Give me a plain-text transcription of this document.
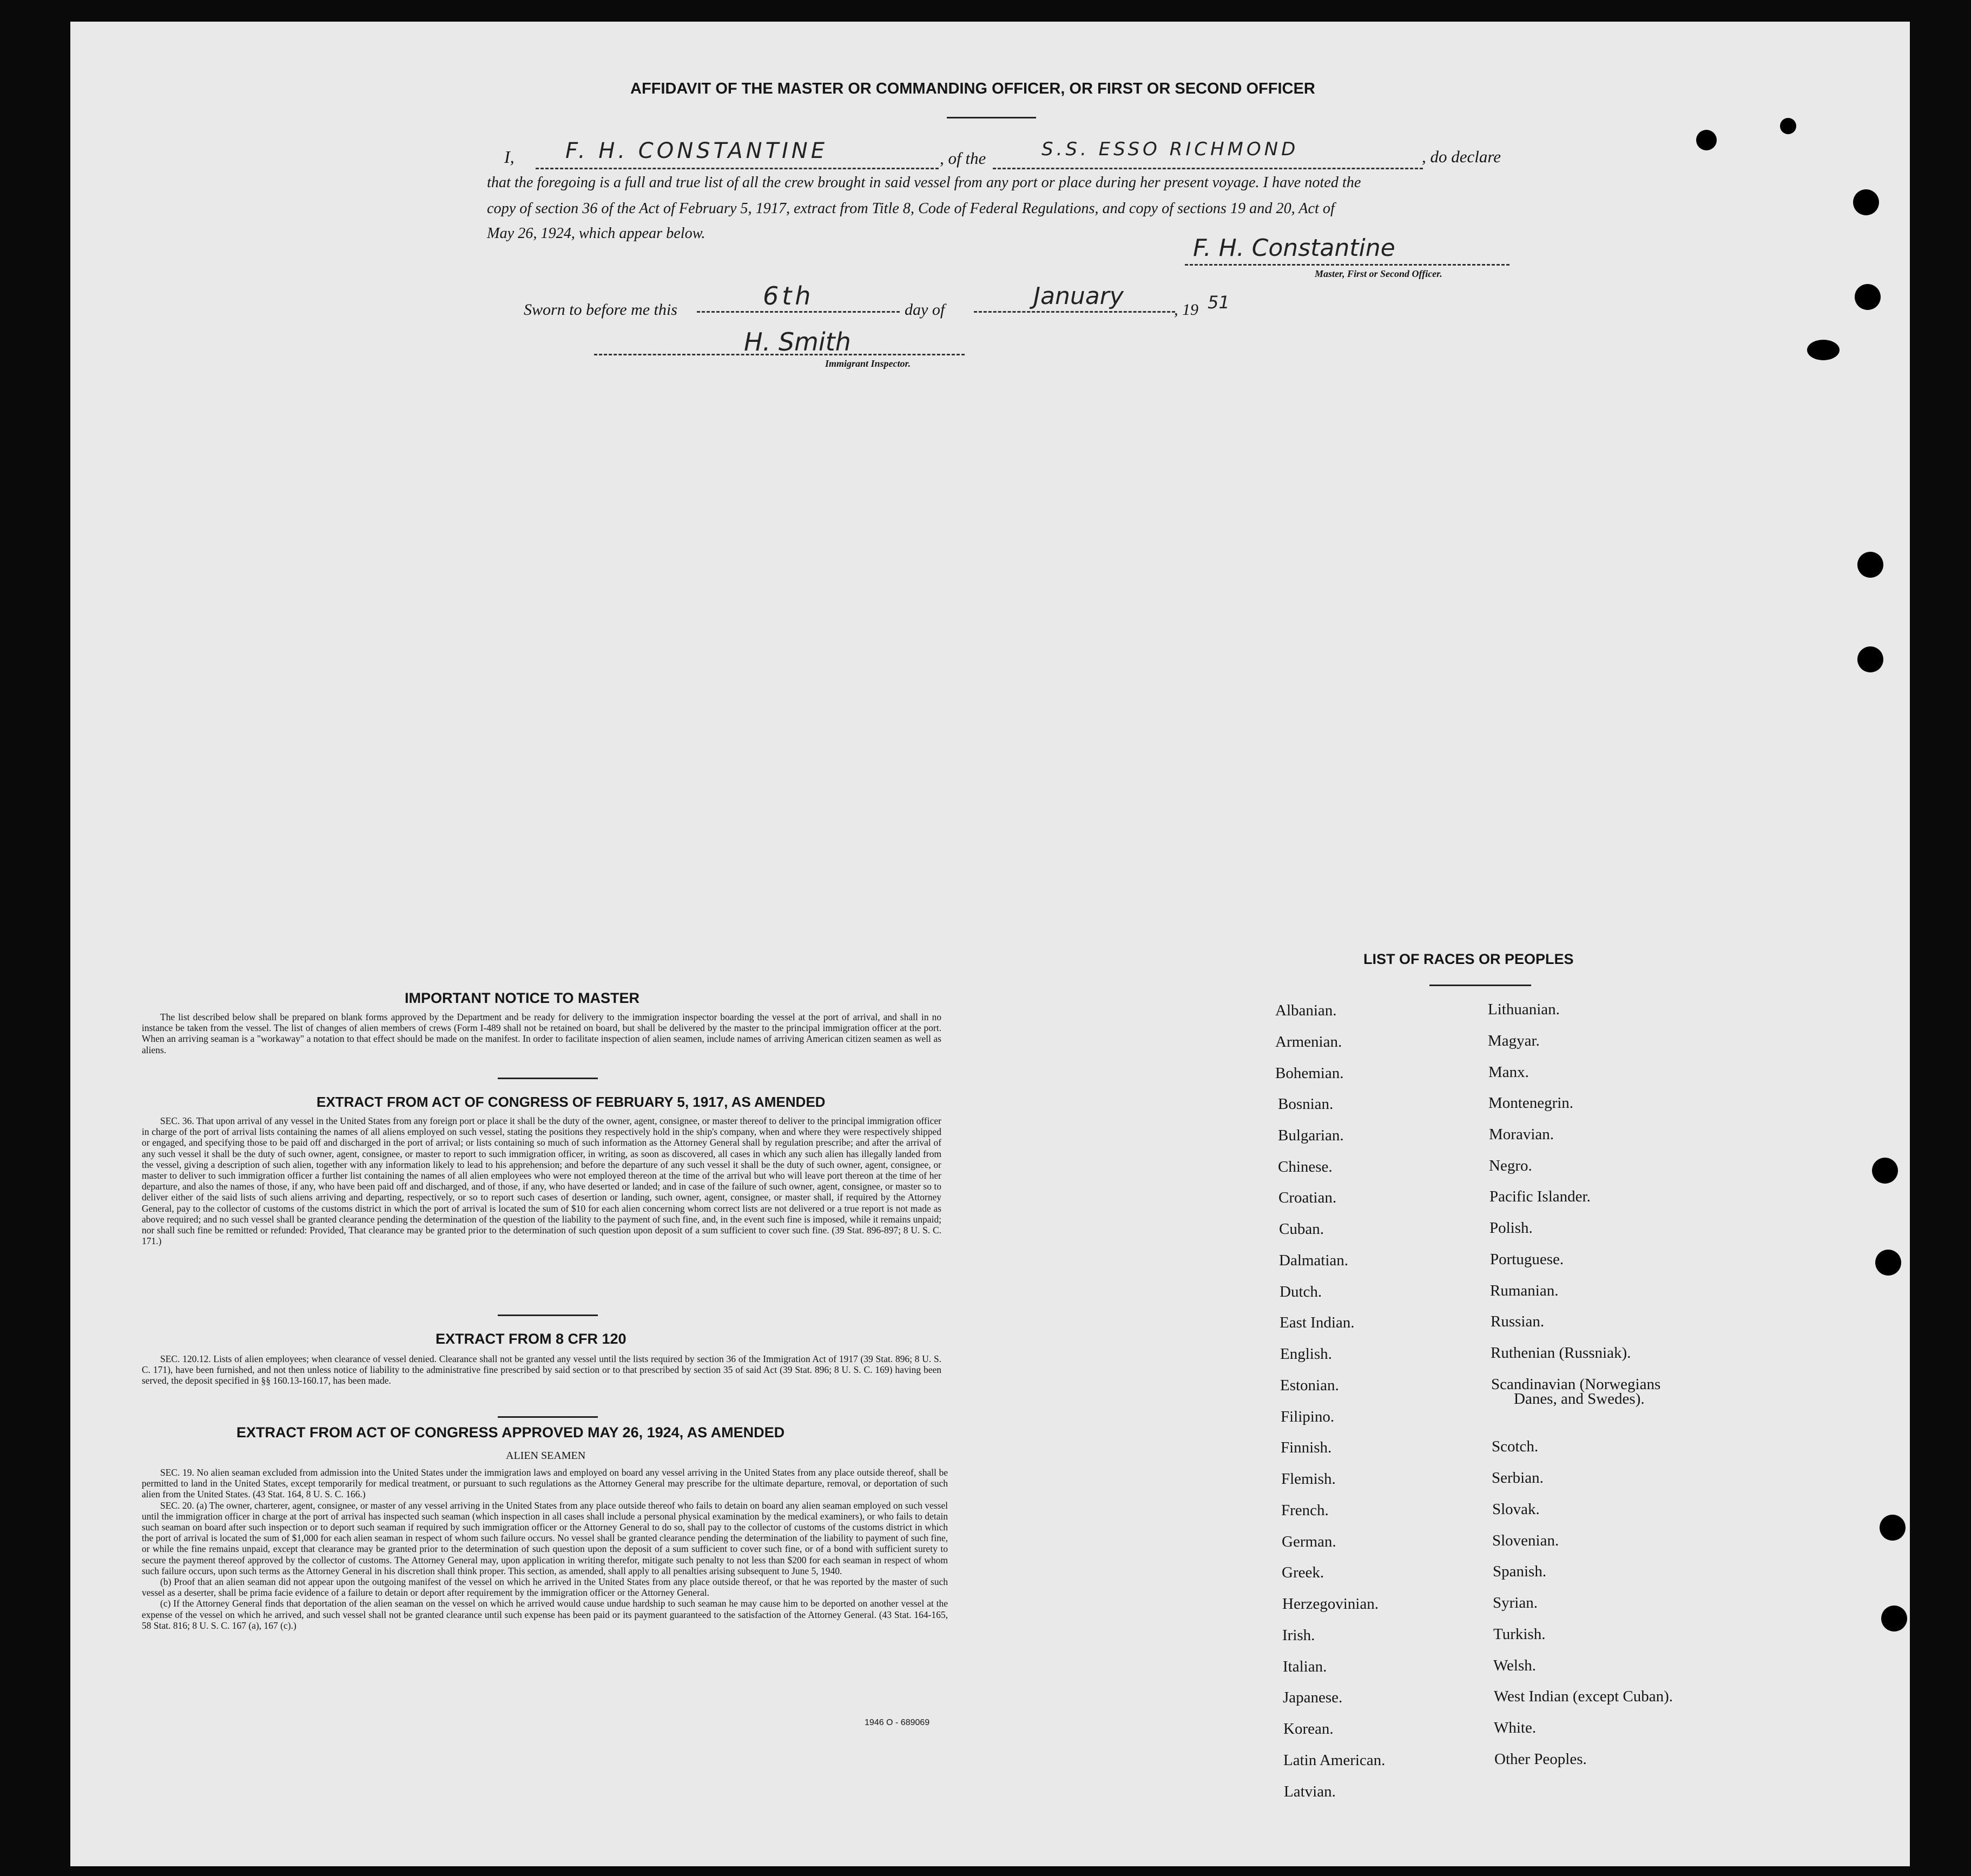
AFFIDAVIT OF THE MASTER OR COMMANDING OFFICER, OR FIRST OR SECOND OFFICER
I, F. H. CONSTANTINE	, of the	S.S. ESSO RICHMOND	, do declare
that the foregoing is a full and true list of all the crew brought in said vessel from any port or place during her present voyage. I have noted the
copy of section 36 of the Act of February 5, 1917, extract from Title 8, Code of Federal Regulations, and copy of sections 19 and 20, Act of
May 26, 1924, which appear below.
F. H. Constantine
Master, First or Second Officer.
Sworn to before me this	6th	day of	January	, 19 51
H. Smith
Immigrant Inspector.
IMPORTANT NOTICE TO MASTER

The list described below shall be prepared on blank forms approved by the Department and be ready for delivery to the immigration inspector boarding the vessel at the port of arrival, and shall in no instance be taken from the vessel. The list of changes of alien members of crews (Form I-489 shall not be retained on board, but shall be delivered by the master to the principal immigration officer at the port. When an arriving seaman is a "workaway" a notation to that effect should be made on the manifest. In order to facilitate inspection of alien seamen, include names of arriving American citizen seamen as well as aliens.

EXTRACT FROM ACT OF CONGRESS OF FEBRUARY 5, 1917, AS AMENDED

SEC. 36. That upon arrival of any vessel in the United States from any foreign port or place it shall be the duty of the owner, agent, consignee, or master thereof to deliver to the principal immigration officer in charge of the port of arrival lists containing the names of all aliens employed on such vessel, stating the positions they respectively hold in the ship's company, when and where they were respectively shipped or engaged, and specifying those to be paid off and discharged in the port of arrival; or lists containing so much of such information as the Attorney General shall by regulation prescribe; and after the arrival of any such vessel it shall be the duty of such owner, agent, consignee, or master to report to such immigration officer, in writing, as soon as discovered, all cases in which any such alien has illegally landed from the vessel, giving a description of such alien, together with any information likely to lead to his apprehension; and before the departure of any such vessel it shall be the duty of such owner, agent, consignee, or master to deliver to such immigration officer a further list containing the names of all alien employees who were not employed thereon at the time of the arrival but who will leave port thereon at the time of her departure, and also the names of those, if any, who have been paid off and discharged, and of those, if any, who have deserted or landed; and in case of the failure of such owner, agent, consignee, or master so to deliver either of the said lists of such aliens arriving and departing, respectively, or so to report such cases of desertion or landing, such owner, agent, consignee, or master shall, if required by the Attorney General, pay to the collector of customs of the customs district in which the port of arrival is located the sum of $10 for each alien concerning whom correct lists are not delivered or a true report is not made as above required; and no such vessel shall be granted clearance pending the determination of the question of the liability to the payment of such fine, and, in the event such fine is imposed, while it remains unpaid; nor shall such fine be remitted or refunded: Provided, That clearance may be granted prior to the determination of such question upon deposit of a sum sufficient to cover such fine. (39 Stat. 896-897; 8 U. S. C. 171.)

EXTRACT FROM 8 CFR 120

SEC. 120.12. Lists of alien employees; when clearance of vessel denied. Clearance shall not be granted any vessel until the lists required by section 36 of the Immigration Act of 1917 (39 Stat. 896; 8 U. S. C. 171), have been furnished, and not then unless notice of liability to the administrative fine prescribed by said section or to that prescribed by section 35 of said Act (39 Stat. 896; 8 U. S. C. 169) having been served, the deposit specified in §§ 160.13-160.17, has been made.

EXTRACT FROM ACT OF CONGRESS APPROVED MAY 26, 1924, AS AMENDED
ALIEN SEAMEN

SEC. 19. No alien seaman excluded from admission into the United States under the immigration laws and employed on board any vessel arriving in the United States from any place outside thereof, shall be permitted to land in the United States, except temporarily for medical treatment, or pursuant to such regulations as the Attorney General may prescribe for the ultimate departure, removal, or deportation of such alien from the United States. (43 Stat. 164, 8 U. S. C. 166.)

SEC. 20. (a) The owner, charterer, agent, consignee, or master of any vessel arriving in the United States from any place outside thereof who fails to detain on board any alien seaman employed on such vessel until the immigration officer in charge at the port of arrival has inspected such seaman (which inspection in all cases shall include a personal physical examination by the medical examiners), or who fails to detain such seaman on board after such inspection or to deport such seaman if required by such immigration officer or the Attorney General to do so, shall pay to the collector of customs of the customs district in which the port of arrival is located the sum of $1,000 for each alien seaman in respect of whom such failure occurs. No vessel shall be granted clearance pending the determination of the liability to payment of such fine, or while the fine remains unpaid, except that clearance may be granted prior to the determination of such question upon the deposit of a sum sufficient to cover such fine, or of a bond with sufficient surety to secure the payment thereof approved by the collector of customs. The Attorney General may, upon application in writing therefor, mitigate such penalty to not less than $200 for each seaman in respect of whom such failure occurs, upon such terms as the Attorney General in his discretion shall think proper. This section, as amended, shall apply to all penalties arising subsequent to June 5, 1940.

(b) Proof that an alien seaman did not appear upon the outgoing manifest of the vessel on which he arrived in the United States from any place outside thereof, or that he was reported by the master of such vessel as a deserter, shall be prima facie evidence of a failure to detain or deport after requirement by the immigration officer or the Attorney General.

(c) If the Attorney General finds that deportation of the alien seaman on the vessel on which he arrived would cause undue hardship to such seaman he may cause him to be deported on another vessel at the expense of the vessel on which he arrived, and such vessel shall not be granted clearance until such expense has been paid or its payment guaranteed to the satisfaction of the Attorney General. (43 Stat. 164-165, 58 Stat. 816; 8 U. S. C. 167 (a), 167 (c).)

1946 O - 689069
LIST OF RACES OR PEOPLES
Albanian.
Armenian.
Bohemian.
Bosnian.
Bulgarian.
Chinese.
Croatian.
Cuban.
Dalmatian.
Dutch.
East Indian.
English.
Estonian.
Filipino.
Finnish.
Flemish.
French.
German.
Greek.
Herzegovinian.
Irish.
Italian.
Japanese.
Korean.
Latin American.
Latvian.
Lithuanian.
Magyar.
Manx.
Montenegrin.
Moravian.
Negro.
Pacific Islander.
Polish.
Portuguese.
Rumanian.
Russian.
Ruthenian (Russniak).
Scandinavian (Norwegians
Danes, and Swedes).
Scotch.
Serbian.
Slovak.
Slovenian.
Spanish.
Syrian.
Turkish.
Welsh.
West Indian (except Cuban).
White.
Other Peoples.
